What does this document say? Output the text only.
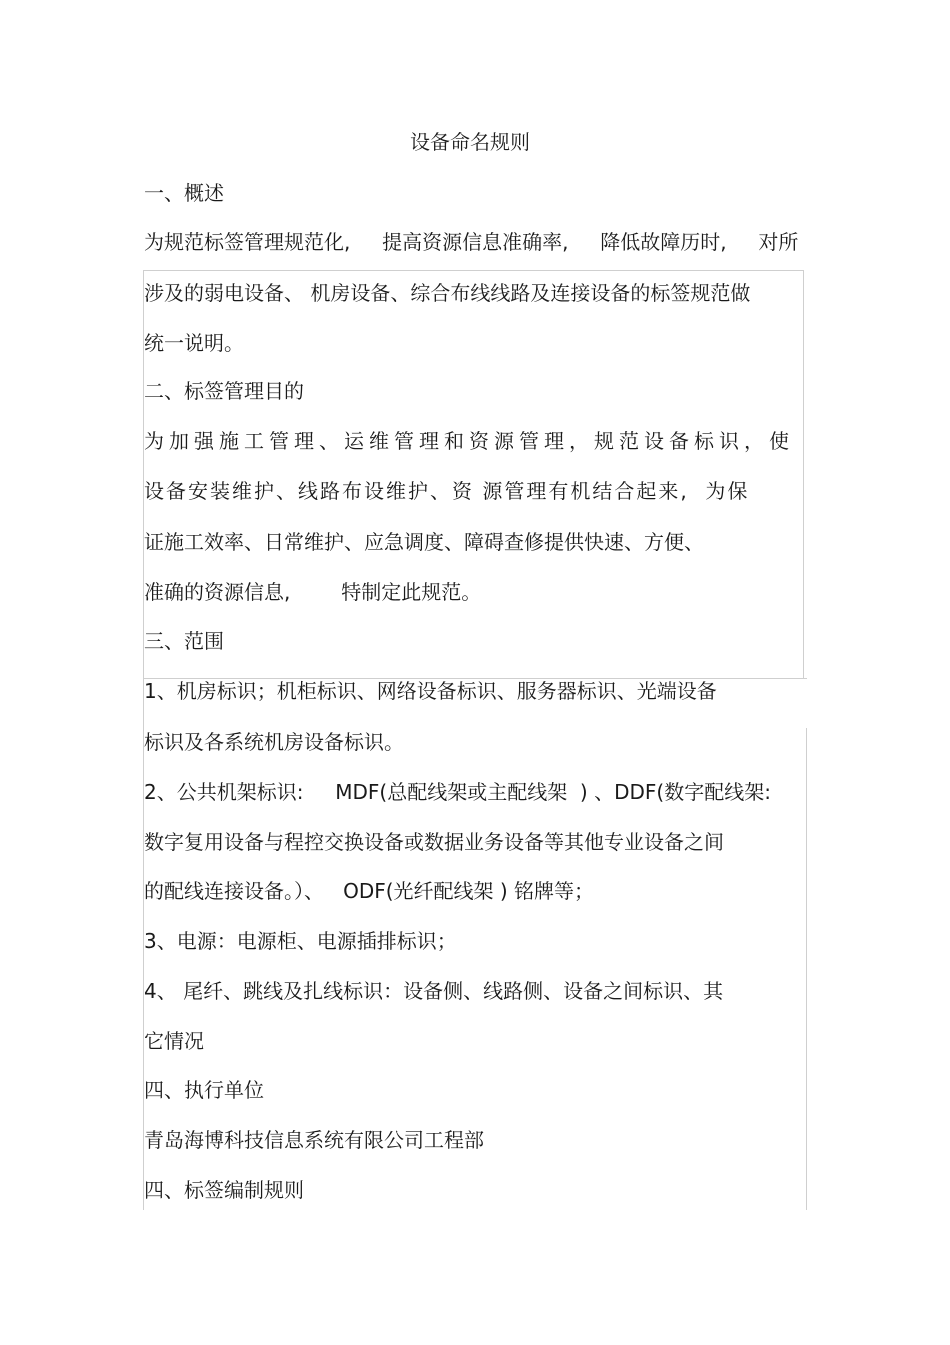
设备命名规则

一、概述

为规范标签管理规范化,     提高资源信息准确率,     降低故障历时,     对所

涉及的弱电设备、 机房设备、综合布线线路及连接设备的标签规范做

统一说明。

二、标签管理目的

为加强施工管理、运维管理和资源管理，规范设备标识，使

设备安装维护、线路布设维护、资 源管理有机结合起来,  为保

证施工效率、日常维护、应急调度、障碍查修提供快速、方便、

准确的资源信息,        特制定此规范。

三、范围

1、机房标识；机柜标识、网络设备标识、服务器标识、光端设备

标识及各系统机房设备标识。

2、公共机架标识:     MDF(总配线架或主配线架  ) 、DDF(数字配线架:

数字复用设备与程控交换设备或数据业务设备等其他专业设备之间

的配线连接设备。）、   ODF(光纤配线架 ) 铭牌等；

3、电源：电源柜、电源插排标识；

4、 尾纤、跳线及扎线标识：设备侧、线路侧、设备之间标识、其

它情况

四、执行单位

青岛海博科技信息系统有限公司工程部

四、标签编制规则
